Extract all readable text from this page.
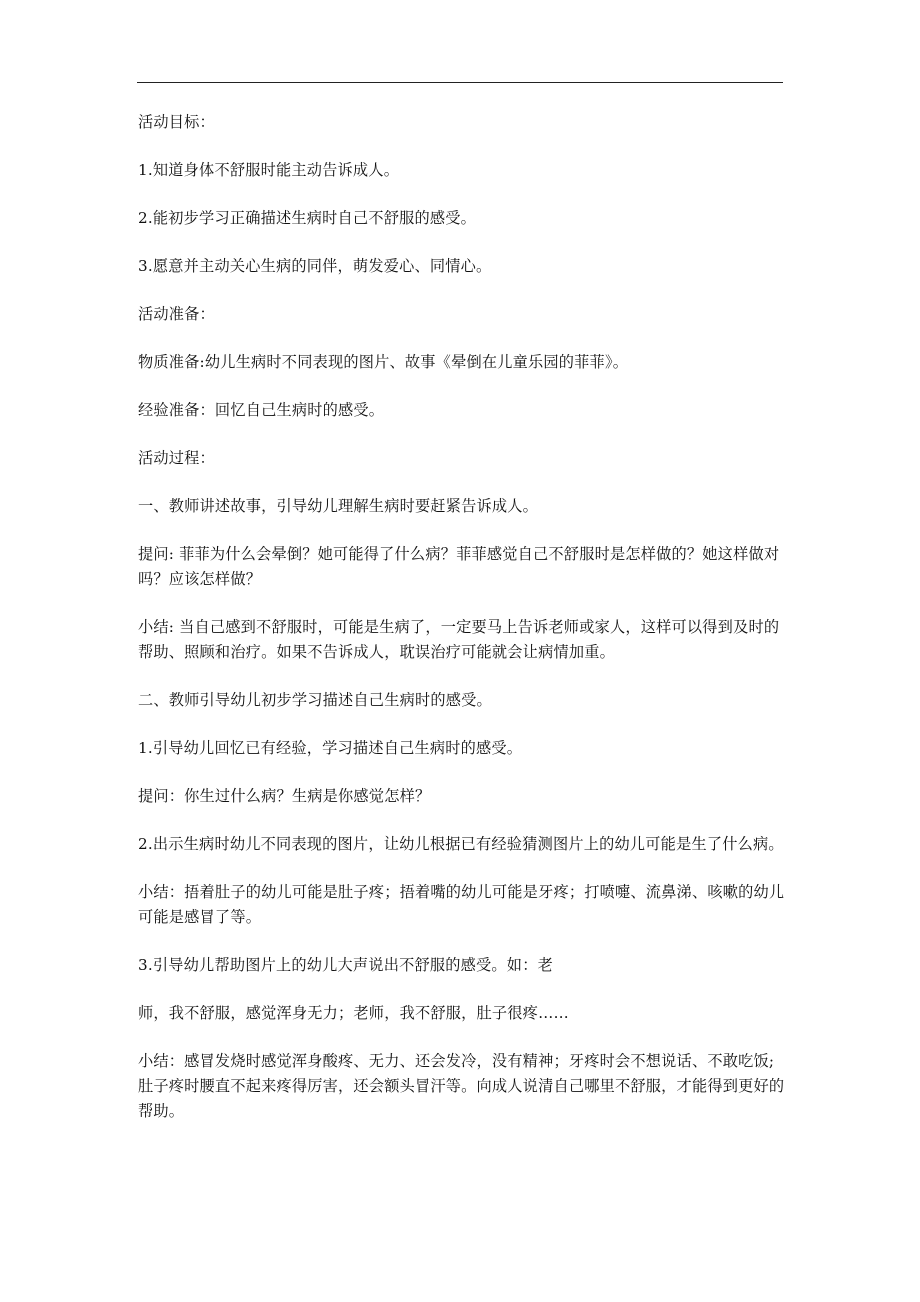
活动目标：

1.知道身体不舒服时能主动告诉成人。

2.能初步学习正确描述生病时自己不舒服的感受。

3.愿意并主动关心生病的同伴，萌发爱心、同情心。

活动准备：

物质准备:幼儿生病时不同表现的图片、故事《晕倒在儿童乐园的菲菲》。

经验准备：回忆自己生病时的感受。

活动过程：

一、教师讲述故事，引导幼儿理解生病时要赶紧告诉成人。

提问: 菲菲为什么会晕倒？她可能得了什么病？菲菲感觉自己不舒服时是怎样做的？她这样做对吗？应该怎样做？

小结: 当自己感到不舒服时，可能是生病了，一定要马上告诉老师或家人，这样可以得到及时的帮助、照顾和治疗。如果不告诉成人，耽误治疗可能就会让病情加重。

二、教师引导幼儿初步学习描述自己生病时的感受。

1.引导幼儿回忆已有经验，学习描述自己生病时的感受。

提问：你生过什么病？生病是你感觉怎样？

2.出示生病时幼儿不同表现的图片，让幼儿根据已有经验猜测图片上的幼儿可能是生了什么病。

小结：捂着肚子的幼儿可能是肚子疼；捂着嘴的幼儿可能是牙疼；打喷嚏、流鼻涕、咳嗽的幼儿可能是感冒了等。

3.引导幼儿帮助图片上的幼儿大声说出不舒服的感受。如：老

师，我不舒服，感觉浑身无力；老师，我不舒服，肚子很疼……

小结：感冒发烧时感觉浑身酸疼、无力、还会发冷，没有精神；牙疼时会不想说话、不敢吃饭; 肚子疼时腰直不起来疼得厉害，还会额头冒汗等。向成人说清自己哪里不舒服，才能得到更好的帮助。
